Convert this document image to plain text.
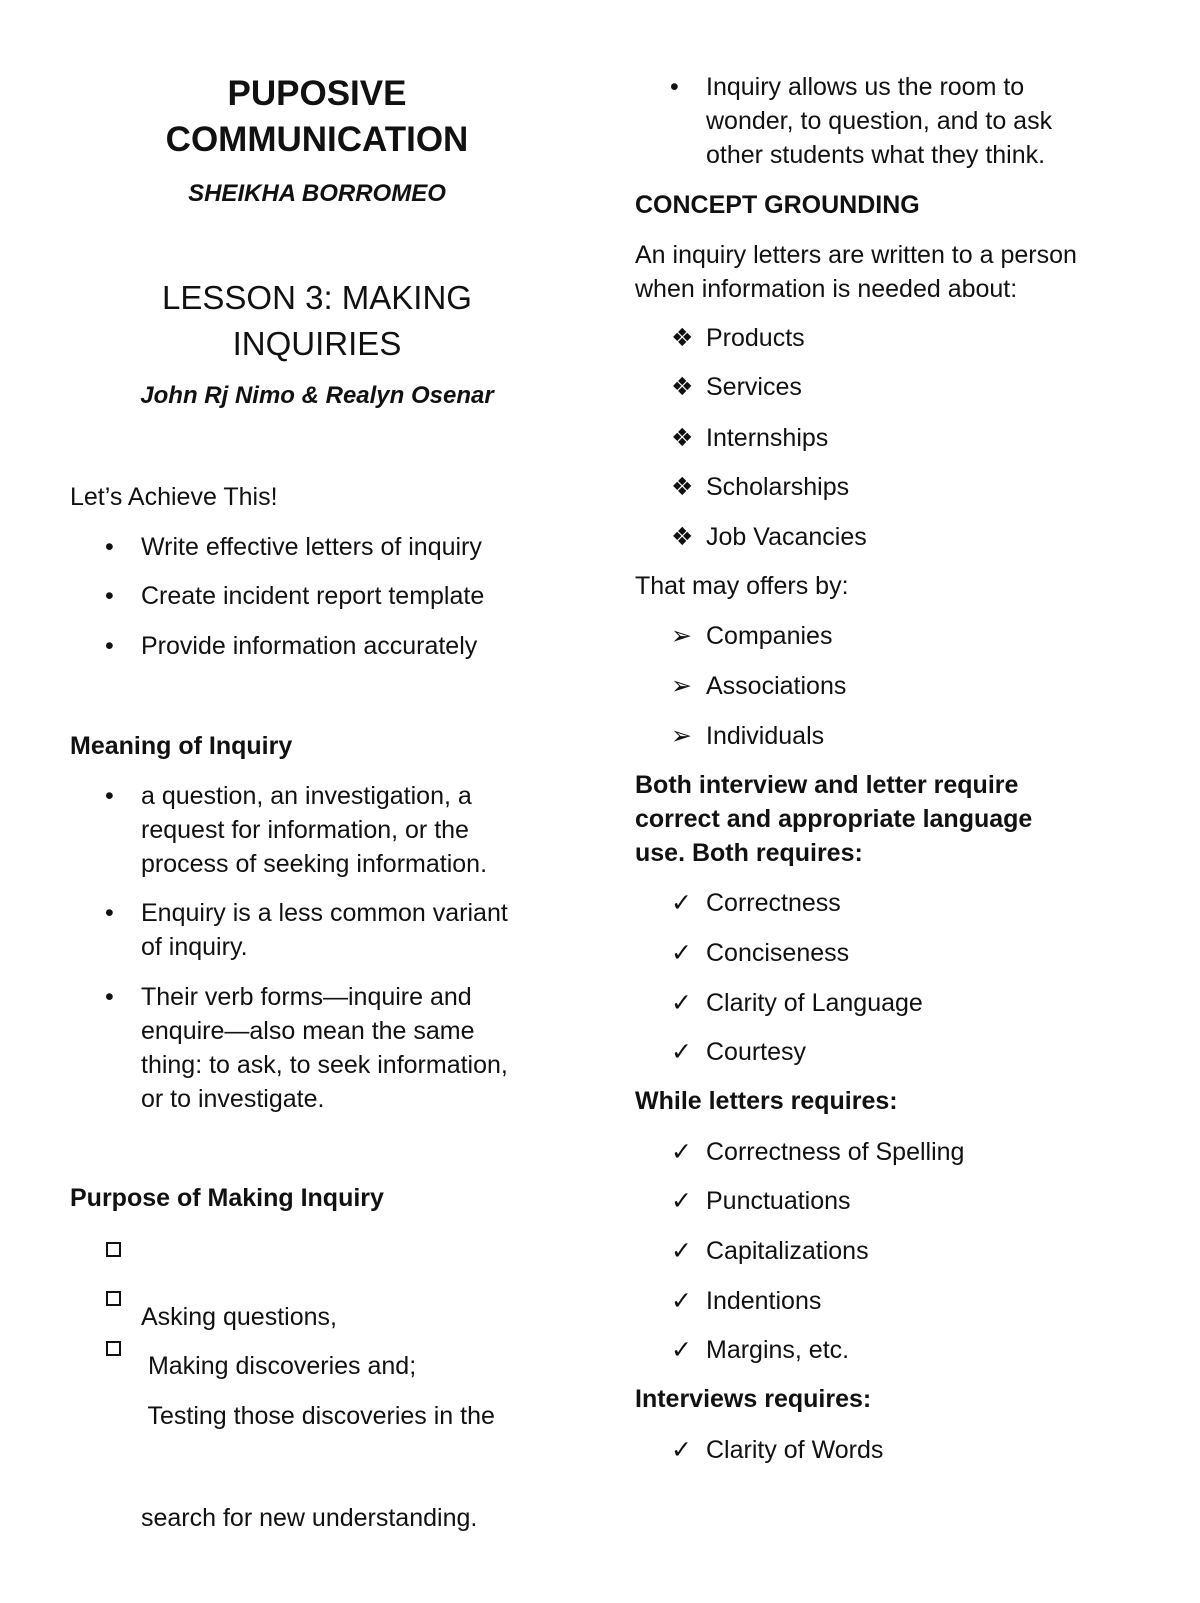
PUPOSIVE
COMMUNICATION
SHEIKHA BORROMEO
LESSON 3: MAKING
INQUIRIES
John Rj Nimo & Realyn Osenar
Let’s Achieve This!
•	Write effective letters of inquiry
•	Create incident report template
•	Provide information accurately
Meaning of Inquiry
•	a question, an investigation, a
request for information, or the
process of seeking information.
•	Enquiry is a less common variant
of inquiry.
•	Their verb forms—inquire and
enquire—also mean the same
thing: to ask, to seek information,
or to investigate.
Purpose of Making Inquiry

Asking questions,

Making discoveries and;

Testing those discoveries in the

search for new understanding.

•	Inquiry allows us the room to
wonder, to question, and to ask
other students what they think.
CONCEPT GROUNDING
An inquiry letters are written to a person
when information is needed about:
❖ Products
❖ Services
❖ Internships
❖ Scholarships
❖ Job Vacancies
That may offers by:
➢ Companies
➢ Associations
➢ Individuals
Both interview and letter require
correct and appropriate language
use. Both requires:
✓ Correctness
✓ Conciseness
✓ Clarity of Language
✓ Courtesy
While letters requires:
✓ Correctness of Spelling
✓ Punctuations
✓ Capitalizations
✓ Indentions
✓ Margins, etc.
Interviews requires:
✓ Clarity of Words
